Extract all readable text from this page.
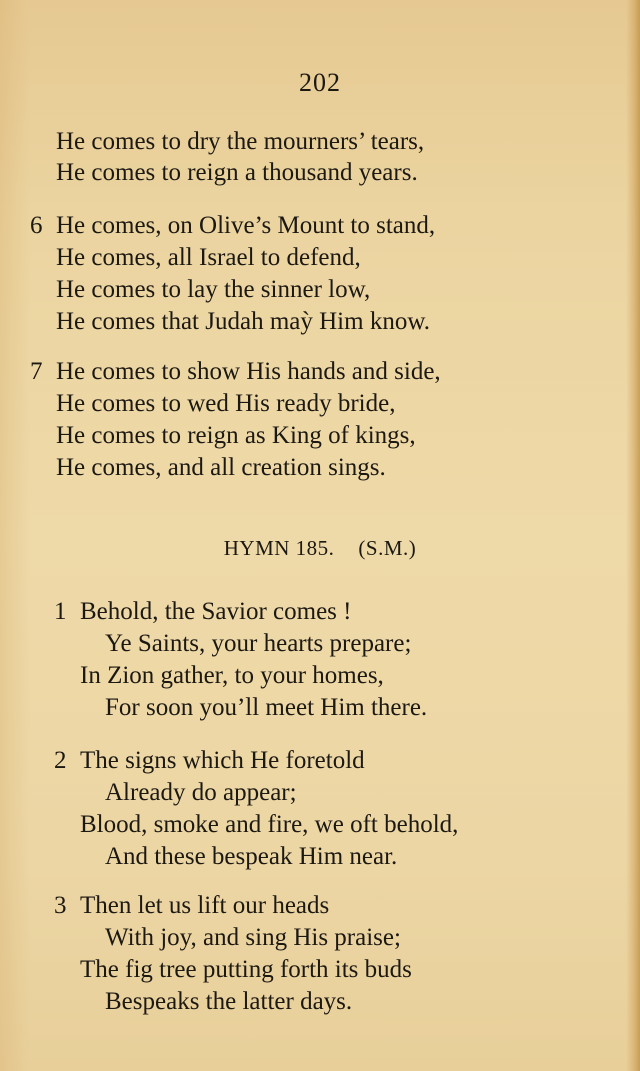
202
He comes to dry the mourners’ tears,
He comes to reign a thousand years.
6 He comes, on Olive’s Mount to stand,
He comes, all Israel to defend,
He comes to lay the sinner low,
He comes that Judah maỳ Him know.
7 He comes to show His hands and side,
He comes to wed His ready bride,
He comes to reign as King of kings,
He comes, and all creation sings.
HYMN 185. (S.M.)
1 Behold, the Savior comes !
Ye Saints, your hearts prepare;
In Zion gather, to your homes,
For soon you’ll meet Him there.
2 The signs which He foretold
Already do appear;
Blood, smoke and fire, we oft behold,
And these bespeak Him near.
3 Then let us lift our heads
With joy, and sing His praise;
The fig tree putting forth its buds
Bespeaks the latter days.
